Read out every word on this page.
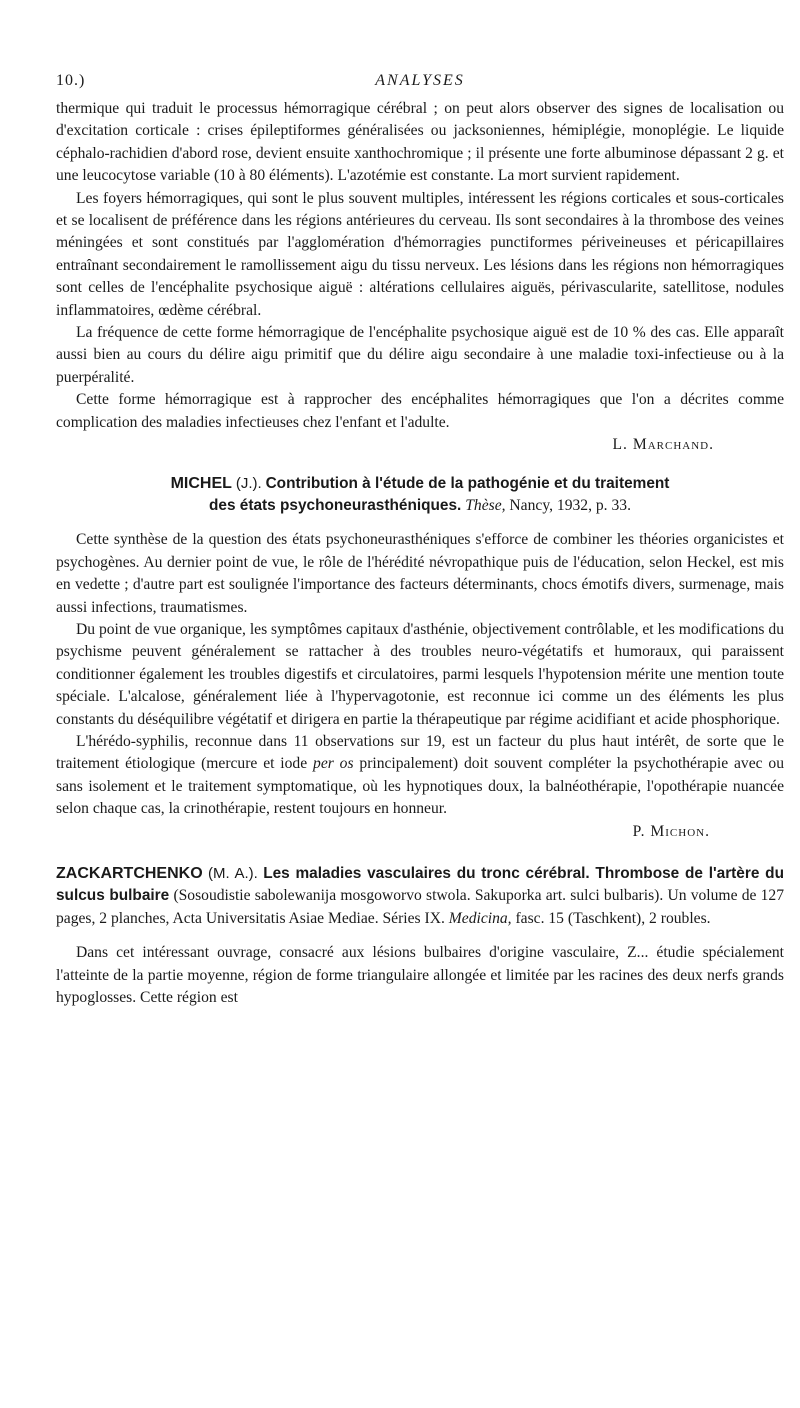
10.)	ANALYSES

thermique qui traduit le processus hémorragique cérébral ; on peut alors observer des signes de localisation ou d'excitation corticale : crises épileptiformes généralisées ou jacksoniennes, hémiplégie, monoplégie. Le liquide céphalo-rachidien d'abord rose, devient ensuite xanthochromique ; il présente une forte albuminose dépassant 2 g. et une leucocytose variable (10 à 80 éléments). L'azotémie est constante. La mort survient rapidement.

Les foyers hémorragiques, qui sont le plus souvent multiples, intéressent les régions corticales et sous-corticales et se localisent de préférence dans les régions antérieures du cerveau. Ils sont secondaires à la thrombose des veines méningées et sont constitués par l'agglomération d'hémorragies punctiformes périveineuses et péricapillaires entraînant secondairement le ramollissement aigu du tissu nerveux. Les lésions dans les régions non hémorragiques sont celles de l'encéphalite psychosique aiguë : altérations cellulaires aiguës, périvascularite, satellitose, nodules inflammatoires, œdème cérébral.

La fréquence de cette forme hémorragique de l'encéphalite psychosique aiguë est de 10 % des cas. Elle apparaît aussi bien au cours du délire aigu primitif que du délire aigu secondaire à une maladie toxi-infectieuse ou à la puerpéralité.

Cette forme hémorragique est à rapprocher des encéphalites hémorragiques que l'on a décrites comme complication des maladies infectieuses chez l'enfant et l'adulte.

L. Marchand.

MICHEL (J.). Contribution à l'étude de la pathogénie et du traitement
des états psychoneurasthéniques. Thèse, Nancy, 1932, p. 33.

Cette synthèse de la question des états psychoneurasthéniques s'efforce de combiner les théories organicistes et psychogènes. Au dernier point de vue, le rôle de l'hérédité névropathique puis de l'éducation, selon Heckel, est mis en vedette ; d'autre part est soulignée l'importance des facteurs déterminants, chocs émotifs divers, surmenage, mais aussi infections, traumatismes.

Du point de vue organique, les symptômes capitaux d'asthénie, objectivement contrôlable, et les modifications du psychisme peuvent généralement se rattacher à des troubles neuro-végétatifs et humoraux, qui paraissent conditionner également les troubles digestifs et circulatoires, parmi lesquels l'hypotension mérite une mention toute spéciale. L'alcalose, généralement liée à l'hypervagotonie, est reconnue ici comme un des éléments les plus constants du déséquilibre végétatif et dirigera en partie la thérapeutique par régime acidifiant et acide phosphorique.

L'hérédo-syphilis, reconnue dans 11 observations sur 19, est un facteur du plus haut intérêt, de sorte que le traitement étiologique (mercure et iode per os principalement) doit souvent compléter la psychothérapie avec ou sans isolement et le traitement symptomatique, où les hypnotiques doux, la balnéothérapie, l'opothérapie nuancée selon chaque cas, la crinothérapie, restent toujours en honneur.
P. Michon.

ZACKARTCHENKO (M. A.). Les maladies vasculaires du tronc cérébral. Thrombose de l'artère du sulcus bulbaire (Sosoudistie sabolewanija mosgoworvo stwola. Sakuporka art. sulci bulbaris). Un volume de 127 pages, 2 planches, Acta Universitatis Asiae Mediae. Séries IX. Medicina, fasc. 15 (Taschkent), 2 roubles.

Dans cet intéressant ouvrage, consacré aux lésions bulbaires d'origine vasculaire, Z... étudie spécialement l'atteinte de la partie moyenne, région de forme triangulaire allongée et limitée par les racines des deux nerfs grands hypoglosses. Cette région est
